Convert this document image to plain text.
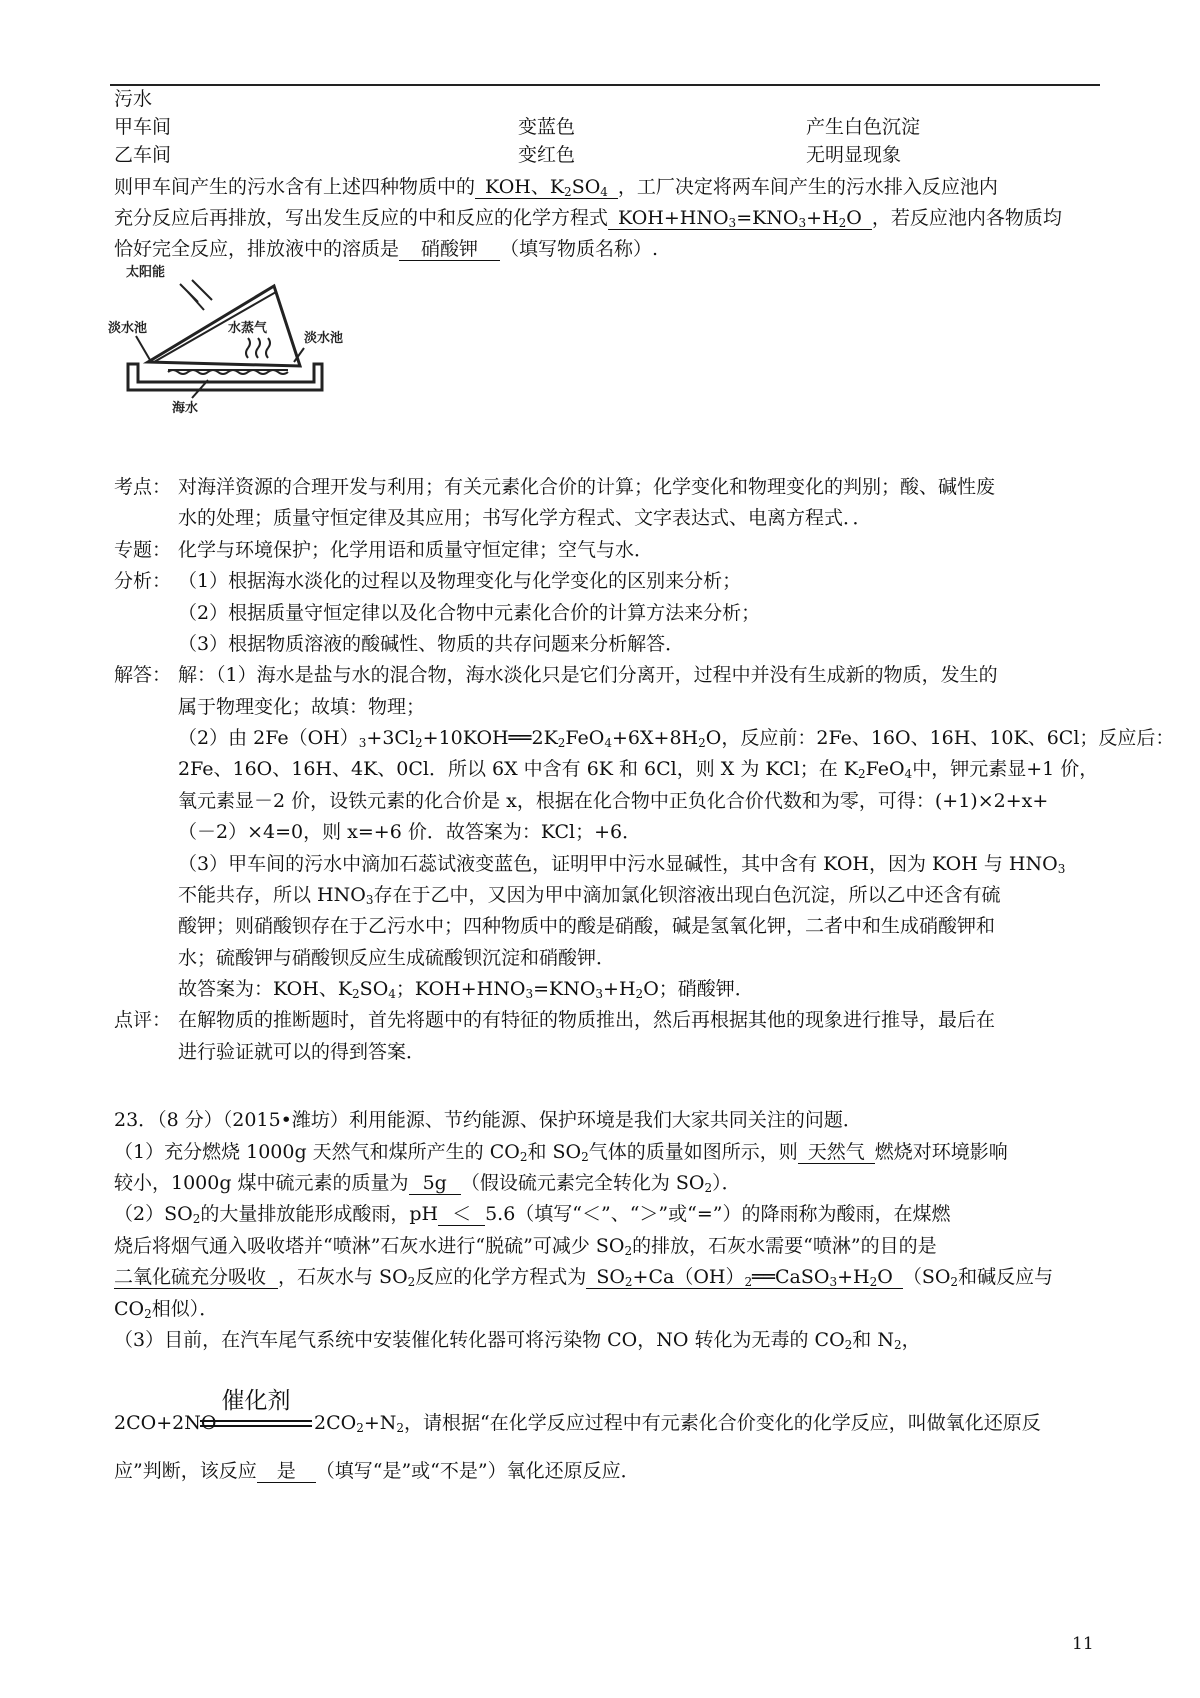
污水
甲车间	变蓝色	产生白色沉淀
乙车间	变红色	无明显现象
则甲车间产生的污水含有上述四种物质中的 KOH、$K_2SO_4$ ，工厂决定将两车间产生的污水排入反应池内
充分反应后再排放，写出发生反应的中和反应的化学方程式 $KOH+HNO_3=KNO_3+H_2O$ ，若反应池内各物质均
恰好完全反应，排放液中的溶质是 硝酸钾 （填写物质名称）.
太阳能
淡水池	水蒸气
淡水池
海水
考点： 对海洋资源的合理开发与利用；有关元素化合价的计算；化学变化和物理变化的判别；酸、碱性废
水的处理；质量守恒定律及其应用；书写化学方程式、文字表达式、电离方程式．．
专题： 化学与环境保护；化学用语和质量守恒定律；空气与水．
分析： （1）根据海水淡化的过程以及物理变化与化学变化的区别来分析；
（2）根据质量守恒定律以及化合物中元素化合价的计算方法来分析；
（3）根据物质溶液的酸碱性、物质的共存问题来分析解答．
解答： 解：（1）海水是盐与水的混合物，海水淡化只是它们分离开，过程中并没有生成新的物质，发生的
属于物理变化；故填：物理；
（2）由 $2Fe(OH)_3+3Cl_2+10KOH══2K_2FeO_4+6X+8H_2O$，反应前：2Fe、16O、16H、10K、6Cl；反应后：
2Fe、16O、16H、4K、0Cl．所以 6X 中含有 6K 和 6Cl，则 X 为 KCl；在 $K_2FeO_4$中，钾元素显+1 价，
氧元素显－2 价，设铁元素的化合价是 x，根据在化合物中正负化合价代数和为零，可得：(+1)×2+x+
（－2）×4=0，则 x=+6 价．故答案为：KCl；+6．
（3）甲车间的污水中滴加石蕊试液变蓝色，证明甲中污水显碱性，其中含有 KOH，因为 KOH 与 $HNO_3$
不能共存，所以 $HNO_3$存在于乙中，又因为甲中滴加氯化钡溶液出现白色沉淀，所以乙中还含有硫
酸钾；则硝酸钡存在于乙污水中；四种物质中的酸是硝酸，碱是氢氧化钾，二者中和生成硝酸钾和
水；硫酸钾与硝酸钡反应生成硫酸钡沉淀和硝酸钾．
故答案为：KOH、$K_2SO_4$；$KOH+HNO_3=KNO_3+H_2O$；硝酸钾．
点评： 在解物质的推断题时，首先将题中的有特征的物质推出，然后再根据其他的现象进行推导，最后在
进行验证就可以的得到答案．
23．（8 分）（2015•潍坊）利用能源、节约能源、保护环境是我们大家共同关注的问题．
（1）充分燃烧 1000g 天然气和煤所产生的 $CO_2$和 $SO_2$气体的质量如图所示，则 天然气 燃烧对环境影响
较小，1000g 煤中硫元素的质量为 5g （假设硫元素完全转化为 $SO_2$）．
$(2)SO_2$的大量排放能形成酸雨，pH ＜ 5.6（填写“＜”、“＞”或“=”）的降雨称为酸雨，在煤燃
烧后将烟气通入吸收塔并“喷淋”石灰水进行“脱硫”可减少 $SO_2$的排放，石灰水需要“喷淋”的目的是
二氧化硫充分吸收 ，石灰水与 $SO_2$反应的化学方程式为 $SO_2+Ca(OH)_2══CaSO_3+H_2O$ （$SO_2$和碱反应与
$CO_2$相似）．
（3）目前，在汽车尾气系统中安装催化转化器可将污染物 CO，NO 转化为无毒的 $CO_2$和 $N_2$，
催化剂
2CO+2NO	$2CO_2+N_2$，请根据“在化学反应过程中有元素化合价变化的化学反应，叫做氧化还原反
应”判断，该反应 是 （填写“是”或“不是”）氧化还原反应．
11
